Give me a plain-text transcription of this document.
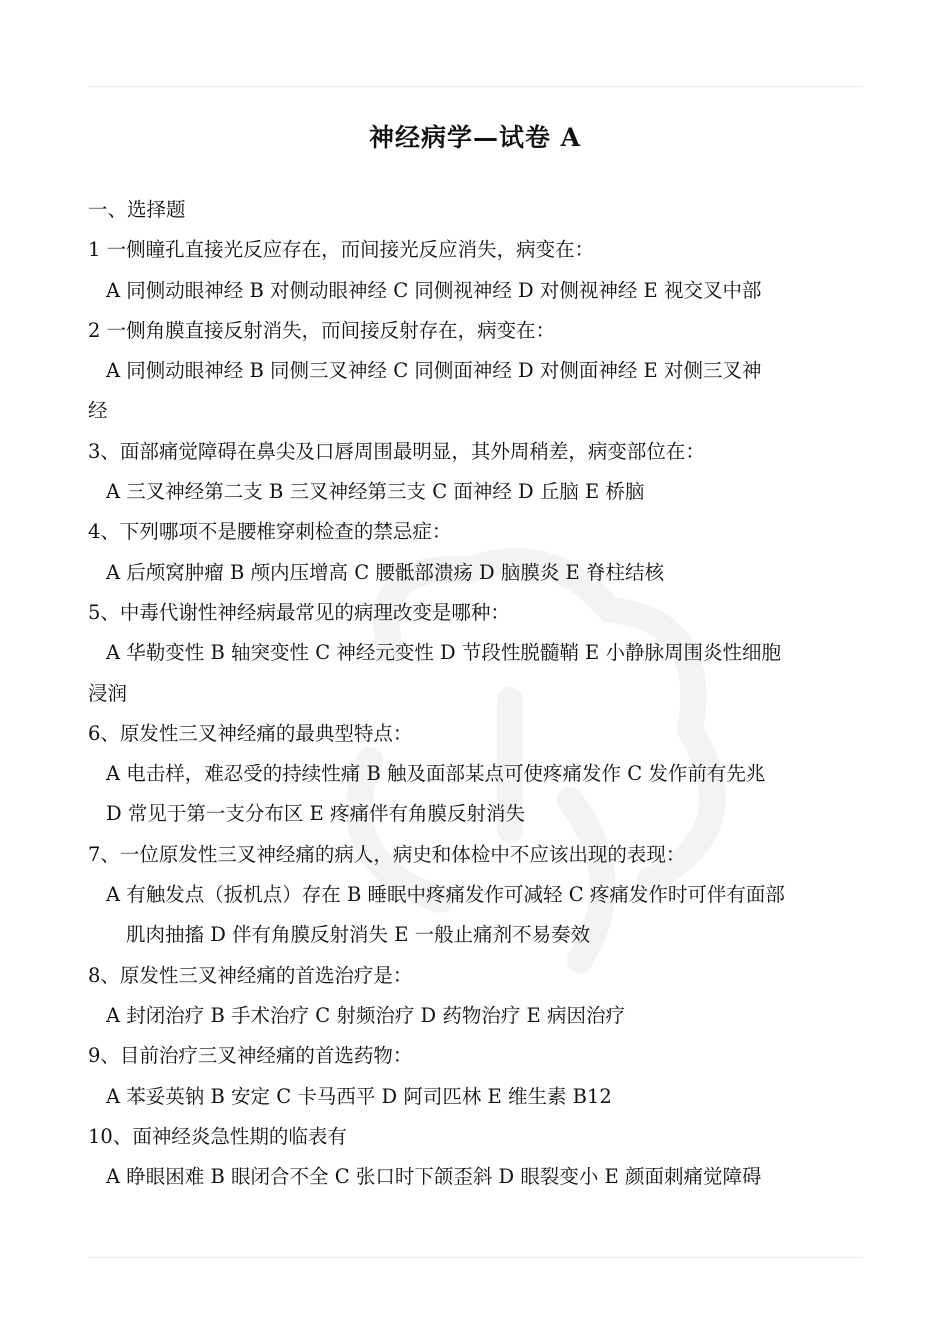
神经病学—试卷 A
一、选择题
1 一侧瞳孔直接光反应存在，而间接光反应消失，病变在：
A 同侧动眼神经 B 对侧动眼神经 C 同侧视神经 D 对侧视神经 E 视交叉中部
2 一侧角膜直接反射消失，而间接反射存在，病变在：
A 同侧动眼神经 B 同侧三叉神经 C 同侧面神经 D 对侧面神经 E 对侧三叉神
经
3、面部痛觉障碍在鼻尖及口唇周围最明显，其外周稍差，病变部位在：
A 三叉神经第二支 B 三叉神经第三支 C 面神经 D 丘脑 E 桥脑
4、下列哪项不是腰椎穿刺检查的禁忌症：
A 后颅窝肿瘤 B 颅内压增高 C 腰骶部溃疡 D 脑膜炎 E 脊柱结核
5、中毒代谢性神经病最常见的病理改变是哪种：
A 华勒变性 B 轴突变性 C 神经元变性 D 节段性脱髓鞘 E 小静脉周围炎性细胞
浸润
6、原发性三叉神经痛的最典型特点：
A 电击样，难忍受的持续性痛 B 触及面部某点可使疼痛发作 C 发作前有先兆
D 常见于第一支分布区 E 疼痛伴有角膜反射消失
7、一位原发性三叉神经痛的病人，病史和体检中不应该出现的表现：
A 有触发点（扳机点）存在 B 睡眠中疼痛发作可减轻 C 疼痛发作时可伴有面部
肌肉抽搐 D 伴有角膜反射消失 E 一般止痛剂不易奏效
8、原发性三叉神经痛的首选治疗是：
A 封闭治疗 B 手术治疗 C 射频治疗 D 药物治疗 E 病因治疗
9、目前治疗三叉神经痛的首选药物：
A 苯妥英钠 B 安定 C 卡马西平 D 阿司匹林 E 维生素 B12
10、面神经炎急性期的临表有
A 睁眼困难 B 眼闭合不全 C 张口时下颌歪斜 D 眼裂变小 E 颜面刺痛觉障碍
